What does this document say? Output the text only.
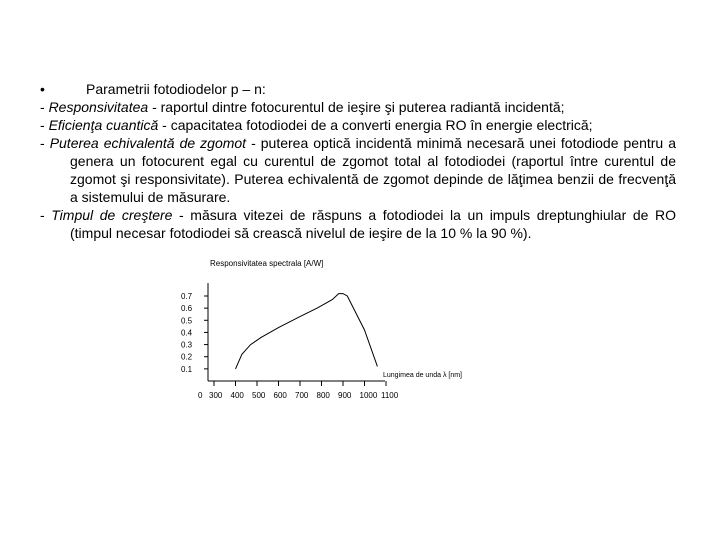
•	Parametrii fotodiodelor p – n:
- Responsivitatea - raportul dintre fotocurentul de ieşire şi puterea radiantă incidentă;
- Eficienţa cuantică - capacitatea fotodiodei de a converti energia RO în energie electrică;
- Puterea echivalentă de zgomot - puterea optică incidentă minimă necesară unei fotodiode pentru a genera un fotocurent egal cu curentul de zgomot total al fotodiodei (raportul între curentul de zgomot şi responsivitate). Puterea echivalentă de zgomot depinde de lăţimea benzii de frecvenţă a sistemului de măsurare.
- Timpul de creştere - măsura vitezei de răspuns a fotodiodei la un impuls dreptunghiular de RO (timpul necesar fotodiodei să crească nivelul de ieşire de la 10 % la 90 %).
Responsivitatea spectrala [A/W]
Lungimea de unda λ [nm]
0
0.1
0.2
0.3
0.4
0.5
0.6
0.7
300 400 500 600 700 800 900 1000 1100
